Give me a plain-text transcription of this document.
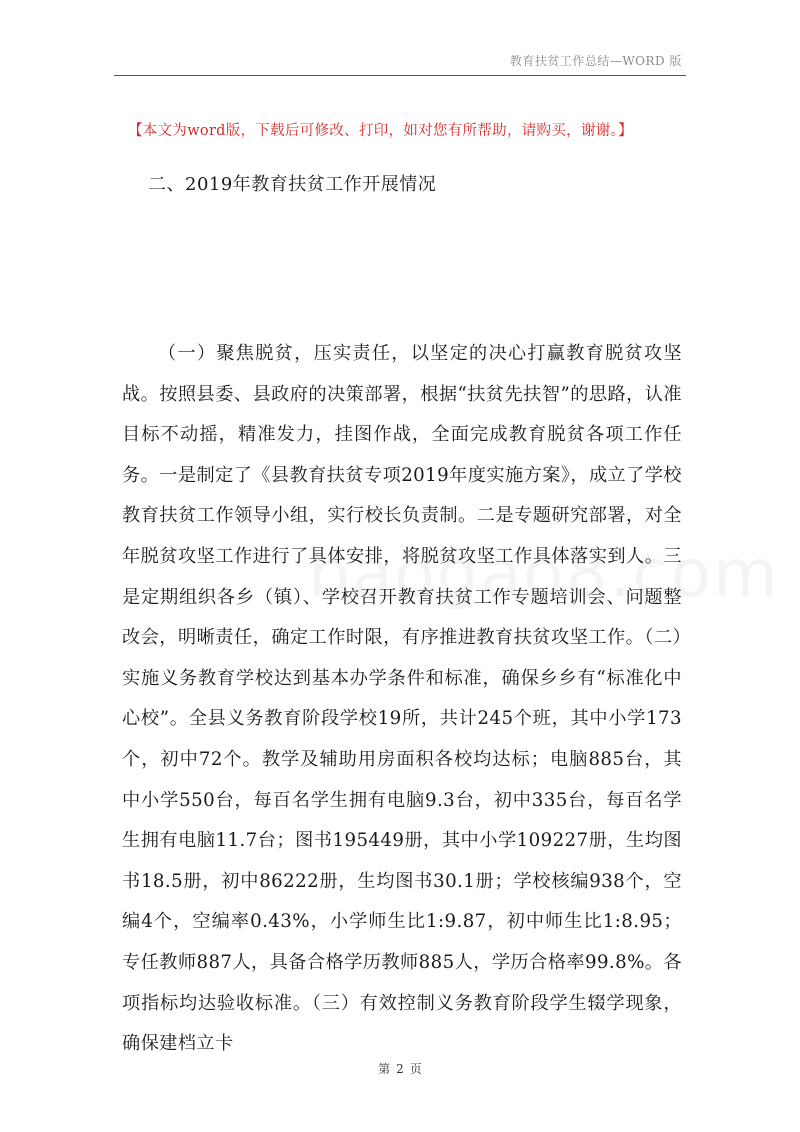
教育扶贫工作总结—WORD 版
【本文为word版，下载后可修改、打印，如对您有所帮助，请购买，谢谢。】
二、2019年教育扶贫工作开展情况

（一）聚焦脱贫，压实责任，以坚定的决心打赢教育脱贫攻坚战。按照县委、县政府的决策部署，根据“扶贫先扶智”的思路，认准目标不动摇，精准发力，挂图作战，全面完成教育脱贫各项工作任务。一是制定了《县教育扶贫专项2019年度实施方案》，成立了学校教育扶贫工作领导小组，实行校长负责制。二是专题研究部署，对全年脱贫攻坚工作进行了具体安排，将脱贫攻坚工作具体落实到人。三是定期组织各乡（镇）、学校召开教育扶贫工作专题培训会、问题整改会，明晰责任，确定工作时限，有序推进教育扶贫攻坚工作。（二）实施义务教育学校达到基本办学条件和标准，确保乡乡有“标准化中心校”。全县义务教育阶段学校19所，共计245个班，其中小学173个，初中72个。教学及辅助用房面积各校均达标；电脑885台，其中小学550台，每百名学生拥有电脑9.3台，初中335台，每百名学生拥有电脑11.7台；图书195449册，其中小学109227册，生均图书18.5册，初中86222册，生均图书30.1册；学校核编938个，空编4个，空编率0.43%，小学师生比1:9.87，初中师生比1:8.95；专任教师887人，具备合格学历教师885人，学历合格率99.8%。各项指标均达验收标准。（三）有效控制义务教育阶段学生辍学现象，确保建档立卡

第 2 页
